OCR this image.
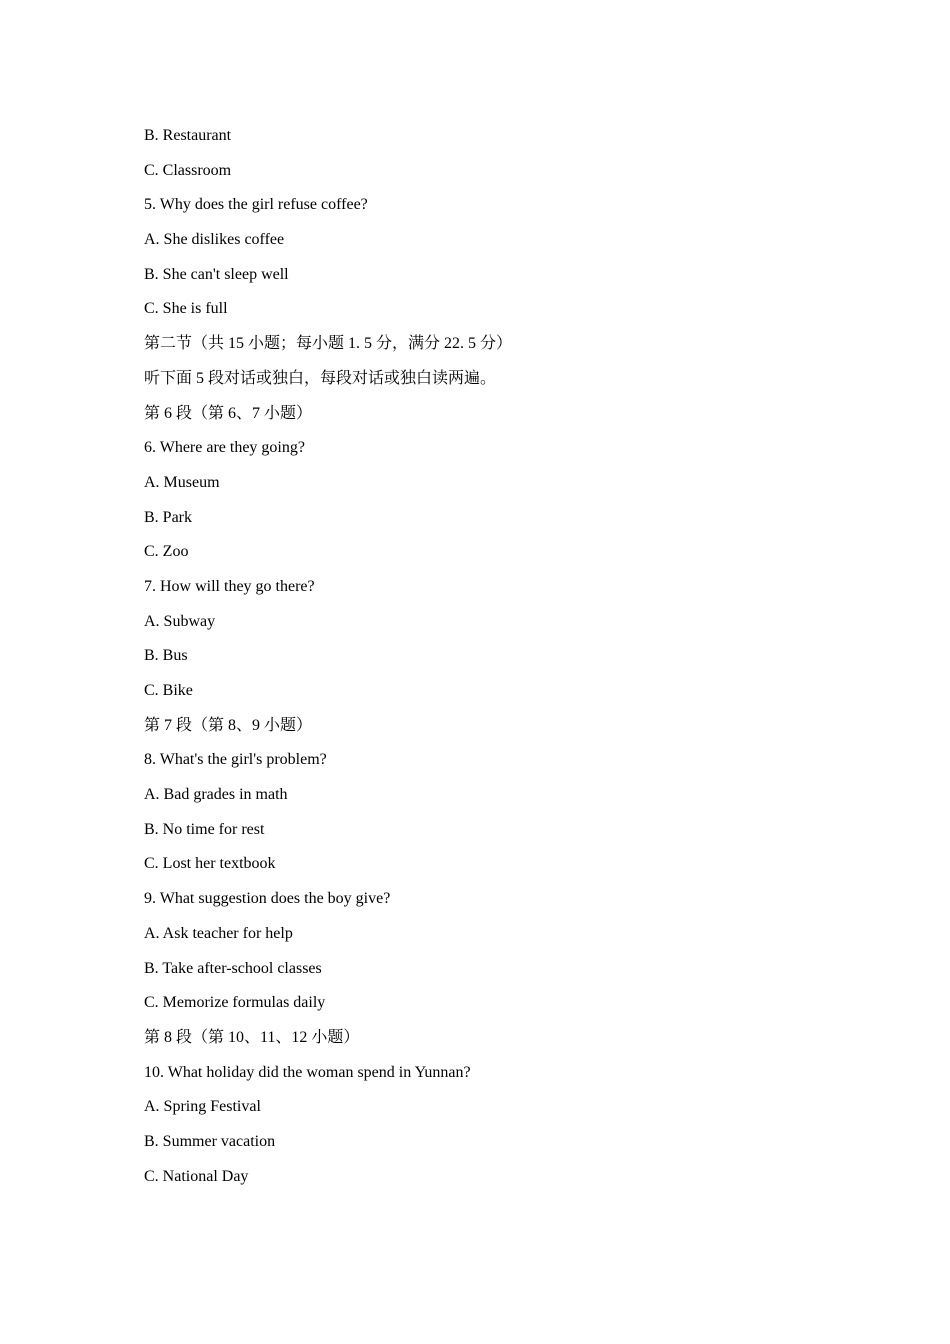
B. Restaurant
C. Classroom
5. Why does the girl refuse coffee?
A. She dislikes coffee
B. She can't sleep well
C. She is full
第二节（共 15 小题；每小题 1. 5 分，满分 22. 5 分）
听下面 5 段对话或独白，每段对话或独白读两遍。
第 6 段（第 6、7 小题）
6. Where are they going?
A. Museum
B. Park
C. Zoo
7. How will they go there?
A. Subway
B. Bus
C. Bike
第 7 段（第 8、9 小题）
8. What's the girl's problem?
A. Bad grades in math
B. No time for rest
C. Lost her textbook
9. What suggestion does the boy give?
A. Ask teacher for help
B. Take after-school classes
C. Memorize formulas daily
第 8 段（第 10、11、12 小题）
10. What holiday did the woman spend in Yunnan?
A. Spring Festival
B. Summer vacation
C. National Day
